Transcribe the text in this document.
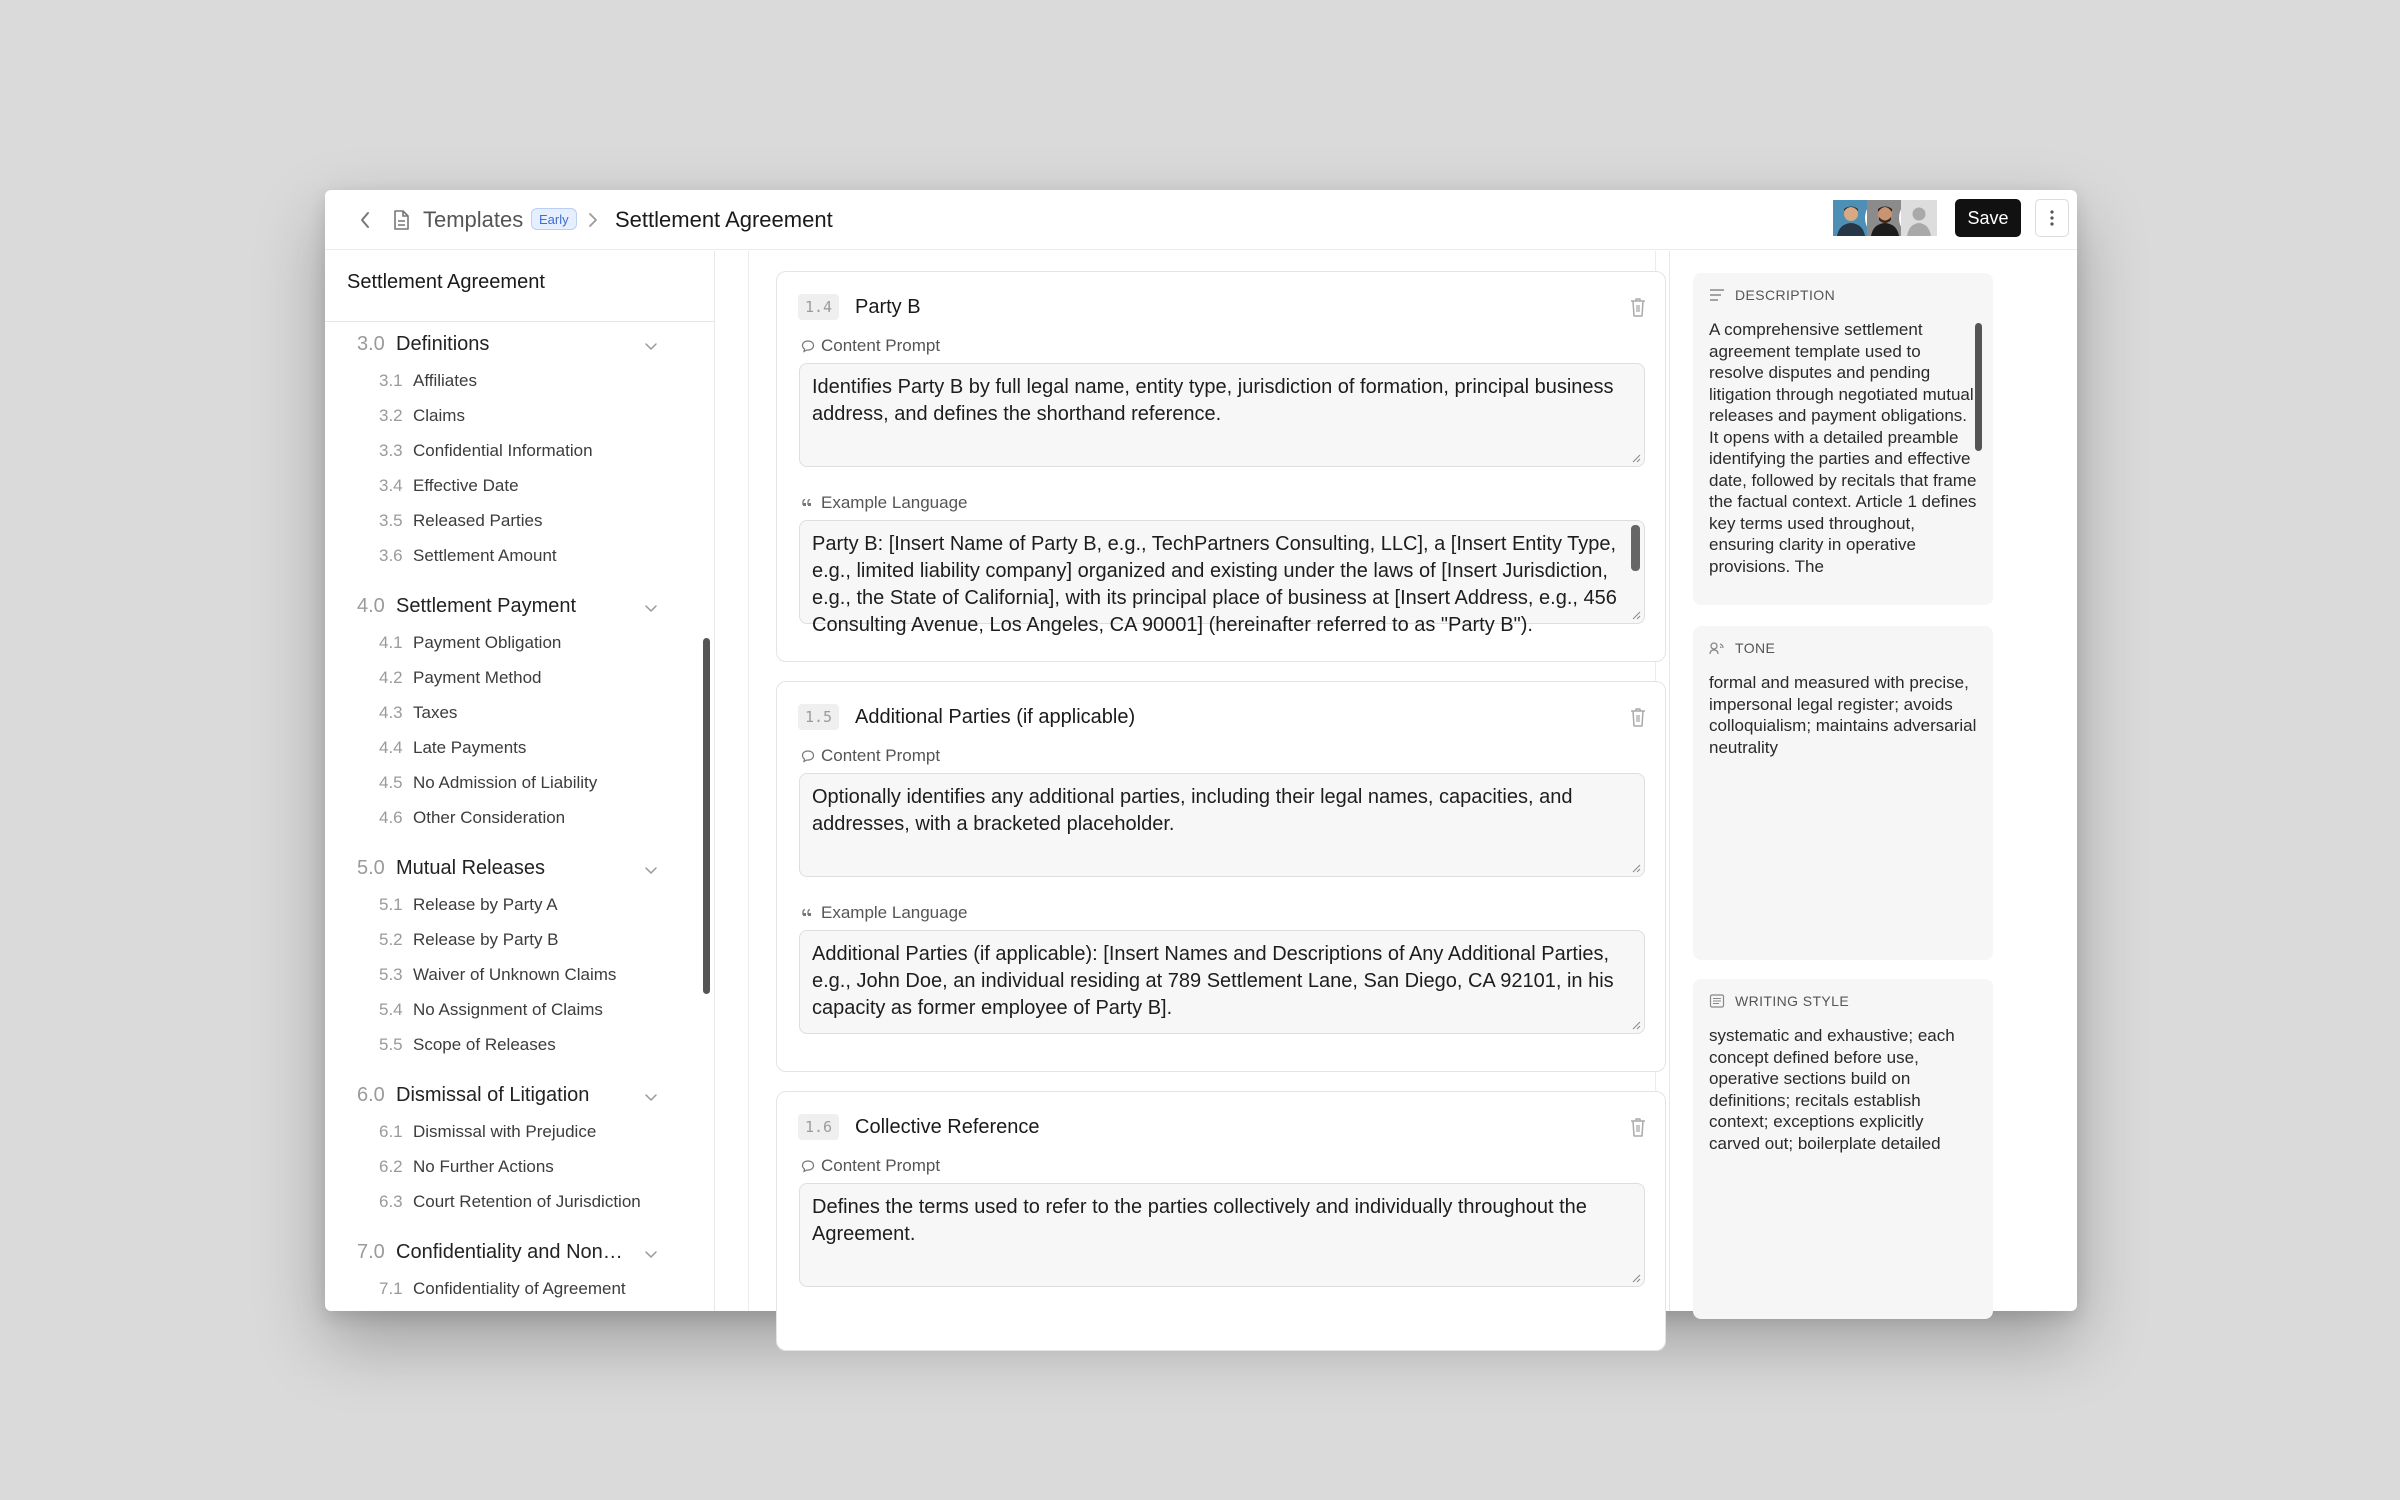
Templates	Early	Settlement Agreement	Save
Settlement Agreement
3.0 Definitions
3.1 Affiliates
3.2 Claims
3.3 Confidential Information
3.4 Effective Date
3.5 Released Parties
3.6 Settlement Amount
4.0 Settlement Payment
4.1 Payment Obligation
4.2 Payment Method
4.3 Taxes
4.4 Late Payments
4.5 No Admission of Liability
4.6 Other Consideration
5.0 Mutual Releases
5.1 Release by Party A
5.2 Release by Party B
5.3 Waiver of Unknown Claims
5.4 No Assignment of Claims
5.5 Scope of Releases
6.0 Dismissal of Litigation
6.1 Dismissal with Prejudice
6.2 No Further Actions
6.3 Court Retention of Jurisdiction
7.0 Confidentiality and Non…
7.1 Confidentiality of Agreement
1.4	Party B
Content Prompt
Identifies Party B by full legal name, entity type, jurisdiction of formation, principal business address, and defines the shorthand reference.
Example Language
Party B: [Insert Name of Party B, e.g., TechPartners Consulting, LLC], a [Insert Entity Type, e.g., limited liability company] organized and existing under the laws of [Insert Jurisdiction, e.g., the State of California], with its principal place of business at [Insert Address, e.g., 456 Consulting Avenue, Los Angeles, CA 90001] (hereinafter referred to as "Party B").
1.5	Additional Parties (if applicable)
Content Prompt
Optionally identifies any additional parties, including their legal names, capacities, and addresses, with a bracketed placeholder.
Example Language
Additional Parties (if applicable): [Insert Names and Descriptions of Any Additional Parties, e.g., John Doe, an individual residing at 789 Settlement Lane, San Diego, CA 92101, in his capacity as former employee of Party B].
1.6	Collective Reference
Content Prompt
Defines the terms used to refer to the parties collectively and individually throughout the Agreement.
DESCRIPTION
A comprehensive settlement agreement template used to resolve disputes and pending litigation through negotiated mutual releases and payment obligations. It opens with a detailed preamble identifying the parties and effective date, followed by recitals that frame the factual context. Article 1 defines key terms used throughout, ensuring clarity in operative provisions. The
TONE
formal and measured with precise, impersonal legal register; avoids colloquialism; maintains adversarial neutrality
WRITING STYLE
systematic and exhaustive; each concept defined before use, operative sections build on definitions; recitals establish context; exceptions explicitly carved out; boilerplate detailed
